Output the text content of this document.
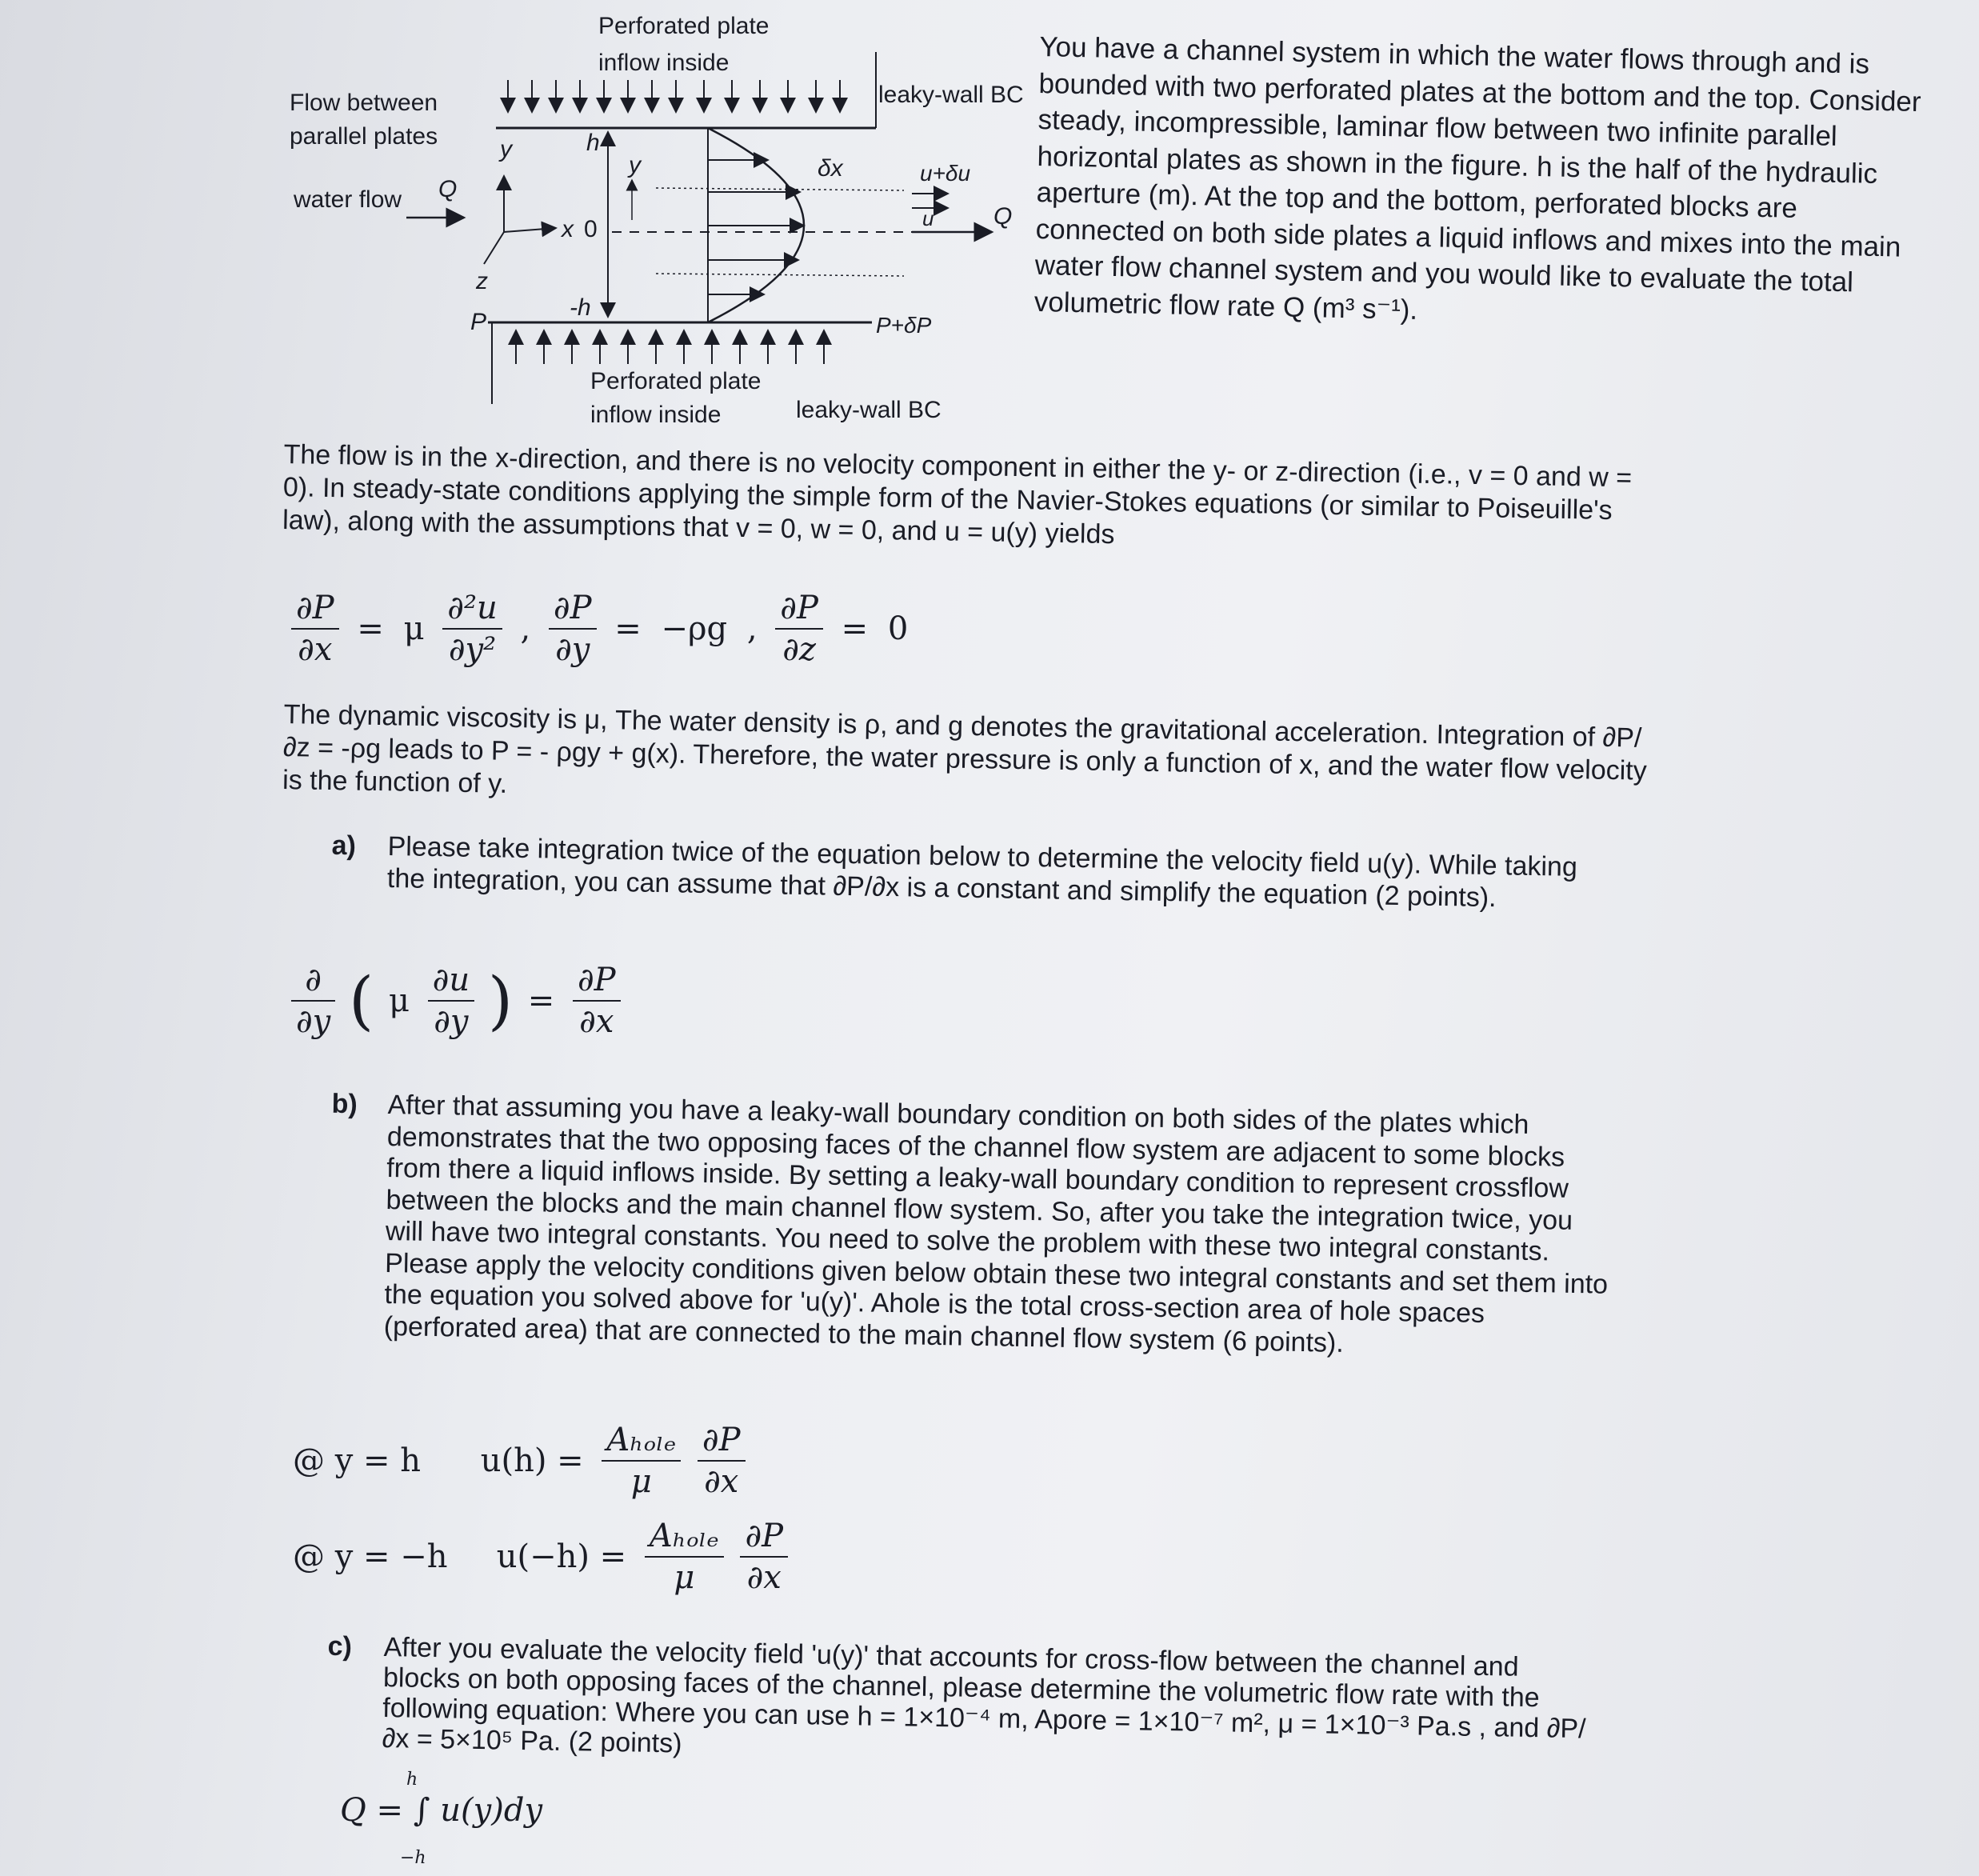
Perforated plate
inflow inside
leaky-wall BC
Flow between
parallel plates
water flow Q
Q
y
x
z
P
h
-h
y
0
δx	u+δu
u
P+δP
Perforated plate
inflow inside	leaky-wall BC

You have a channel system in which the water flows through and is bounded with two perforated plates at the bottom and the top. Consider steady, incompressible, laminar flow between two infinite parallel horizontal plates as shown in the figure. h is the half of the hydraulic aperture (m). At the top and the bottom, perforated blocks are connected on both side plates a liquid inflows and mixes into the main water flow channel system and you would like to evaluate the total volumetric flow rate Q (m³ s⁻¹).

The flow is in the x-direction, and there is no velocity component in either the y- or z-direction (i.e., v = 0 and w = 0). In steady-state conditions applying the simple form of the Navier-Stokes equations (or similar to Poiseuille's law), along with the assumptions that v = 0, w = 0, and u = u(y) yields

$\frac{\partial P}{\partial x} = \mu \frac{\text{∂²u}}{\text{∂y²}}$ , $\frac{\partial P}{\partial y} = -\rho g$ , $\frac{\partial P}{\partial z} = 0$

The dynamic viscosity is μ, The water density is ρ, and g denotes the gravitational acceleration. Integration of ∂P/∂z = -ρg leads to P = - ρgy + g(x). Therefore, the water pressure is only a function of x, and the water flow velocity is the function of y.

a) Please take integration twice of the equation below to determine the velocity field u(y). While taking the integration, you can assume that ∂P/∂x is a constant and simplify the equation (2 points).
$\frac{\partial}{\partial y}$ ( μ $\frac{\partial u}{\partial y}$ ) = $\frac{\partial P}{\partial x}$
b) After that assuming you have a leaky-wall boundary condition on both sides of the plates which demonstrates that the two opposing faces of the channel flow system are adjacent to some blocks from there a liquid inflows inside. By setting a leaky-wall boundary condition to represent crossflow between the blocks and the main channel flow system. So, after you take the integration twice, you will have two integral constants. You need to solve the problem with these two integral constants. Please apply the velocity conditions given below obtain these two integral constants and set them into the equation you solved above for 'u(y)'. Ahole is the total cross-section area of hole spaces (perforated area) that are connected to the main channel flow system (6 points).
@ y = h $u(h) = \frac{\text{Aₕₒₗₑ}}{\mu}$
$\frac{\partial P}{\partial x}$
@ y = −h $u(-h) = \frac{\text{Aₕₒₗₑ}}{\mu}$
$\frac{\partial P}{\partial x}$
c) After you evaluate the velocity field 'u(y)' that accounts for cross-flow between the channel and blocks on both opposing faces of the channel, please determine the volumetric flow rate with the following equation: Where you can use h = 1×10⁻⁴ m, Apore = 1×10⁻⁷ m², μ = 1×10⁻³ Pa.s , and ∂P/∂x = 5×10⁵ Pa. (2 points)
Q = ∫ u(y)dy
h
−h
